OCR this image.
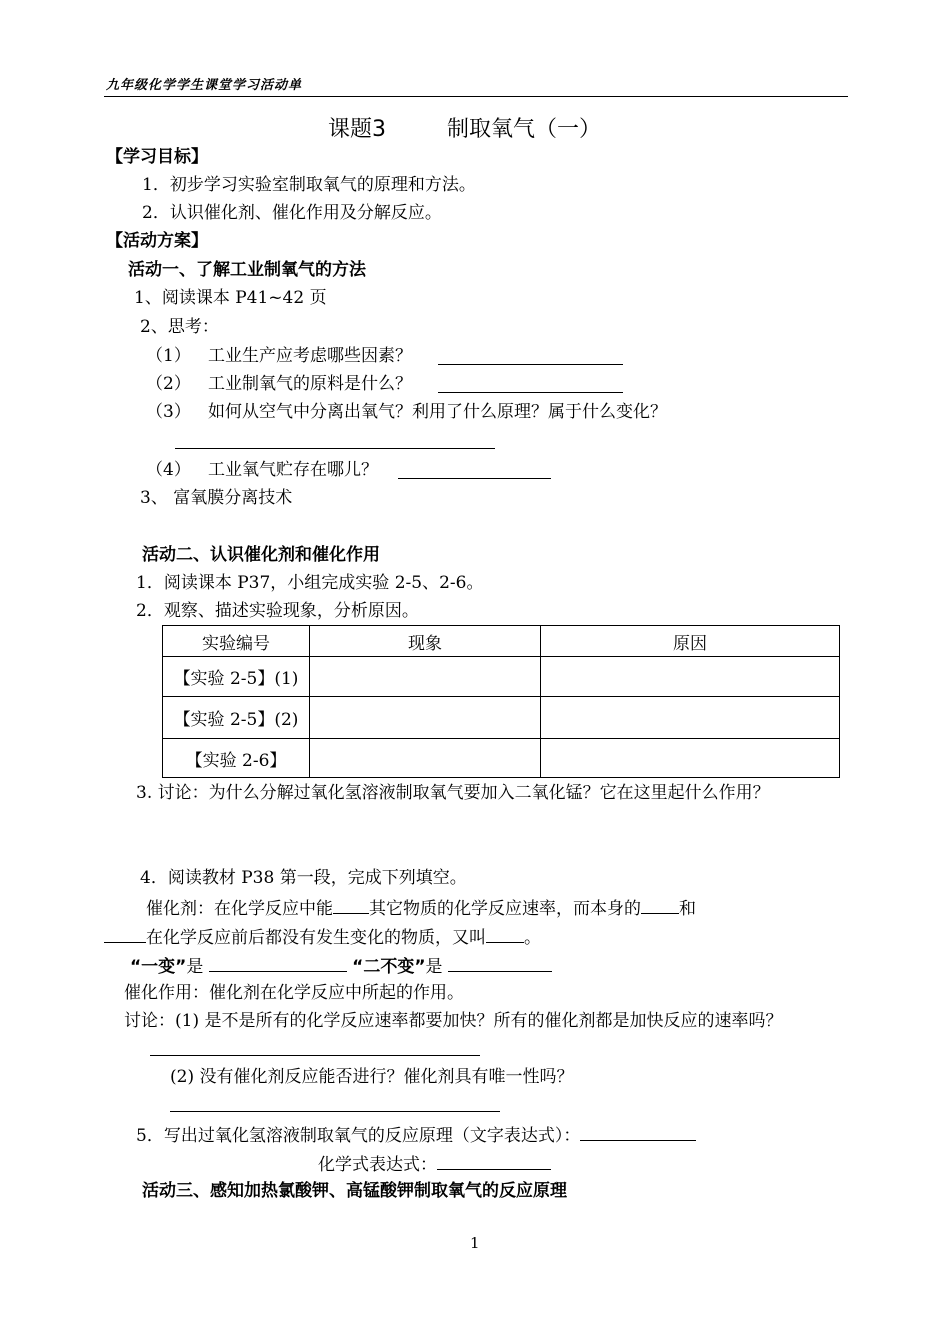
九年级化学学生课堂学习活动单
课题3	制取氧气（一）
【学习目标】
1．初步学习实验室制取氧气的原理和方法。
2．认识催化剂、催化作用及分解反应。
【活动方案】
活动一、了解工业制氧气的方法
1、阅读课本 P41~42 页
2、思考：
（1） 工业生产应考虑哪些因素？
（2） 工业制氧气的原料是什么？
（3） 如何从空气中分离出氧气？利用了什么原理？属于什么变化？
（4） 工业氧气贮存在哪儿？
3、 富氧膜分离技术
活动二、认识催化剂和催化作用
1．阅读课本 P37，小组完成实验 2-5、2-6。
2．观察、描述实验现象，分析原因。
实验编号	现象	原因
【实验 2-5】(1)		
【实验 2-5】(2)		
【实验 2-6】		
3. 讨论：为什么分解过氧化氢溶液制取氧气要加入二氧化锰？它在这里起什么作用？
4．阅读教材 P38 第一段，完成下列填空。
催化剂：在化学反应中能 其它物质的化学反应速率，而本身的 和
在化学反应前后都没有发生变化的物质，又叫 。
“一变”是	“二不变”是
催化作用：催化剂在化学反应中所起的作用。
讨论：(1) 是不是所有的化学反应速率都要加快？所有的催化剂都是加快反应的速率吗？
(2) 没有催化剂反应能否进行？催化剂具有唯一性吗？
5．写出过氧化氢溶液制取氧气的反应原理（文字表达式）：
化学式表达式：
活动三、感知加热氯酸钾、高锰酸钾制取氧气的反应原理
1
